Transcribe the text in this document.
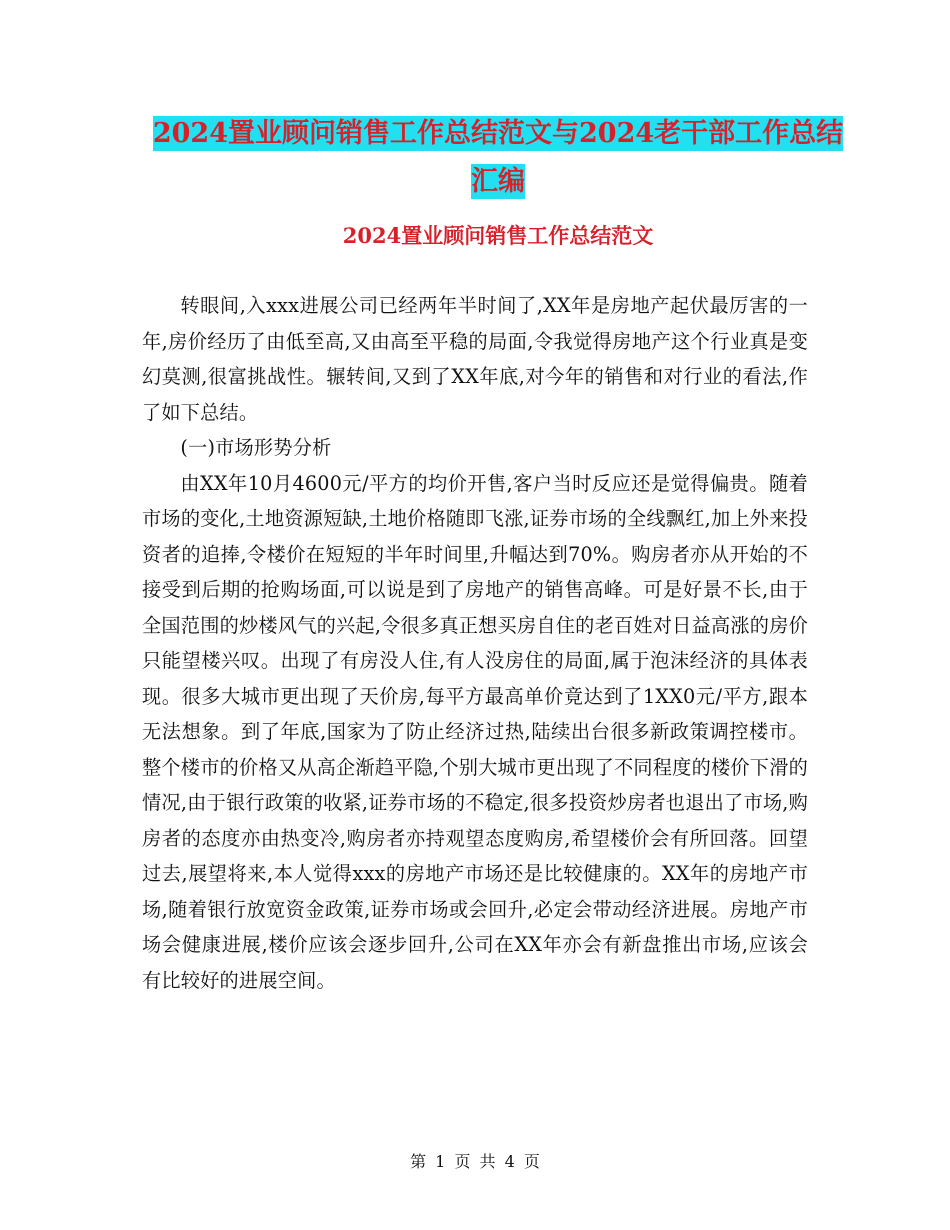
2024置业顾问销售工作总结范文与2024老干部工作总结汇编
2024置业顾问销售工作总结范文

转眼间,入xxx进展公司已经两年半时间了,XX年是房地产起伏最厉害的一年,房价经历了由低至高,又由高至平稳的局面,令我觉得房地产这个行业真是变幻莫测,很富挑战性。辗转间,又到了XX年底,对今年的销售和对行业的看法,作了如下总结。

(一)市场形势分析

由XX年10月4600元/平方的均价开售,客户当时反应还是觉得偏贵。随着市场的变化,土地资源短缺,土地价格随即飞涨,证券市场的全线飘红,加上外来投资者的追捧,令楼价在短短的半年时间里,升幅达到70%。购房者亦从开始的不接受到后期的抢购场面,可以说是到了房地产的销售高峰。可是好景不长,由于全国范围的炒楼风气的兴起,令很多真正想买房自住的老百姓对日益高涨的房价只能望楼兴叹。出现了有房没人住,有人没房住的局面,属于泡沫经济的具体表现。很多大城市更出现了天价房,每平方最高单价竟达到了1XX0元/平方,跟本无法想象。到了年底,国家为了防止经济过热,陆续出台很多新政策调控楼市。整个楼市的价格又从高企渐趋平隐,个别大城市更出现了不同程度的楼价下滑的情况,由于银行政策的收紧,证券市场的不稳定,很多投资炒房者也退出了市场,购房者的态度亦由热变冷,购房者亦持观望态度购房,希望楼价会有所回落。回望过去,展望将来,本人觉得xxx的房地产市场还是比较健康的。XX年的房地产市场,随着银行放宽资金政策,证券市场或会回升,必定会带动经济进展。房地产市场会健康进展,楼价应该会逐步回升,公司在XX年亦会有新盘推出市场,应该会有比较好的进展空间。

第 1 页 共 4 页
